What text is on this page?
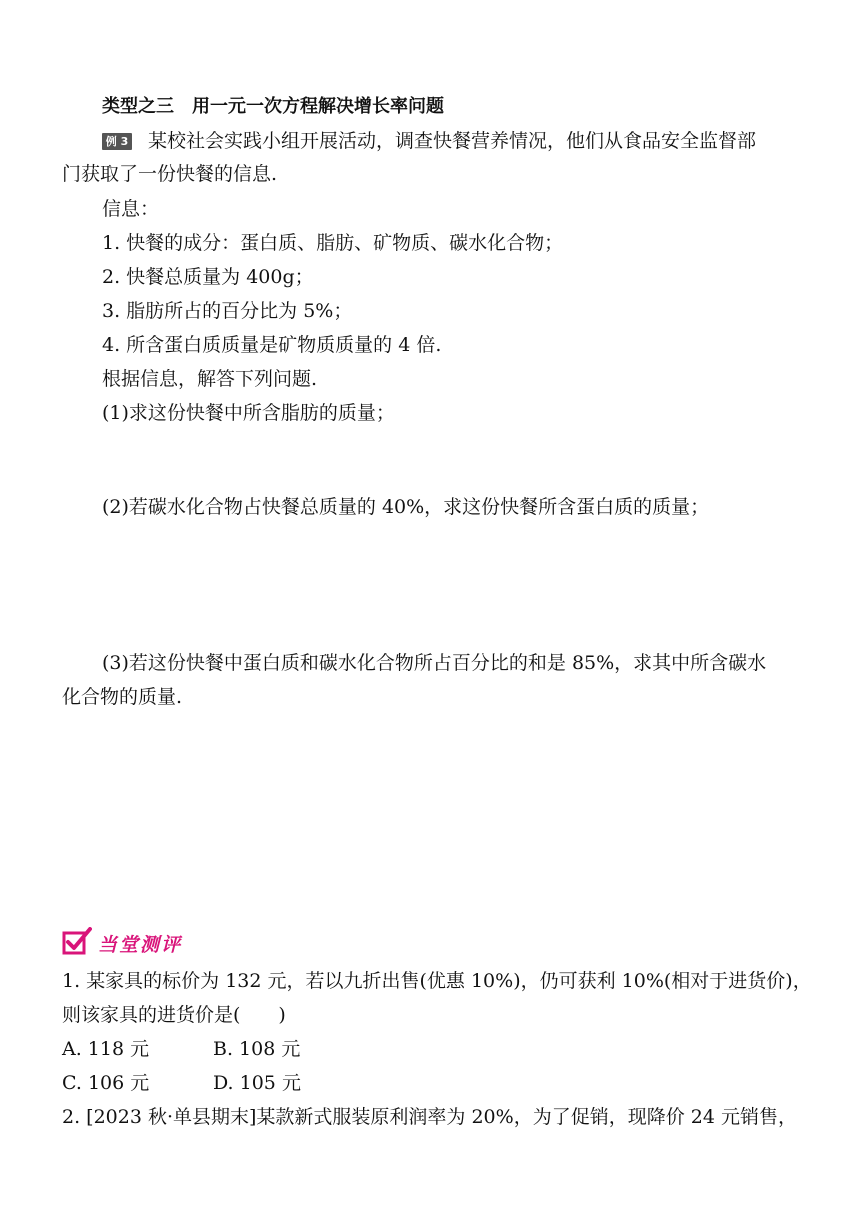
类型之三　用一元一次方程解决增长率问题
例 3 某校社会实践小组开展活动，调查快餐营养情况，他们从食品安全监督部
门获取了一份快餐的信息.
信息：
1. 快餐的成分：蛋白质、脂肪、矿物质、碳水化合物；
2. 快餐总质量为 400g；
3. 脂肪所占的百分比为 5%；
4. 所含蛋白质质量是矿物质质量的 4 倍.
根据信息，解答下列问题.
(1)求这份快餐中所含脂肪的质量；
(2)若碳水化合物占快餐总质量的 40%，求这份快餐所含蛋白质的质量；
(3)若这份快餐中蛋白质和碳水化合物所占百分比的和是 85%，求其中所含碳水
化合物的质量.
当堂测评
1. 某家具的标价为 132 元，若以九折出售(优惠 10%)，仍可获利 10%(相对于进货价)，
则该家具的进货价是(　　)
A. 118 元	B. 108 元
C. 106 元	D. 105 元
2. [2023 秋·单县期末]某款新式服装原利润率为 20%，为了促销，现降价 24 元销售，
